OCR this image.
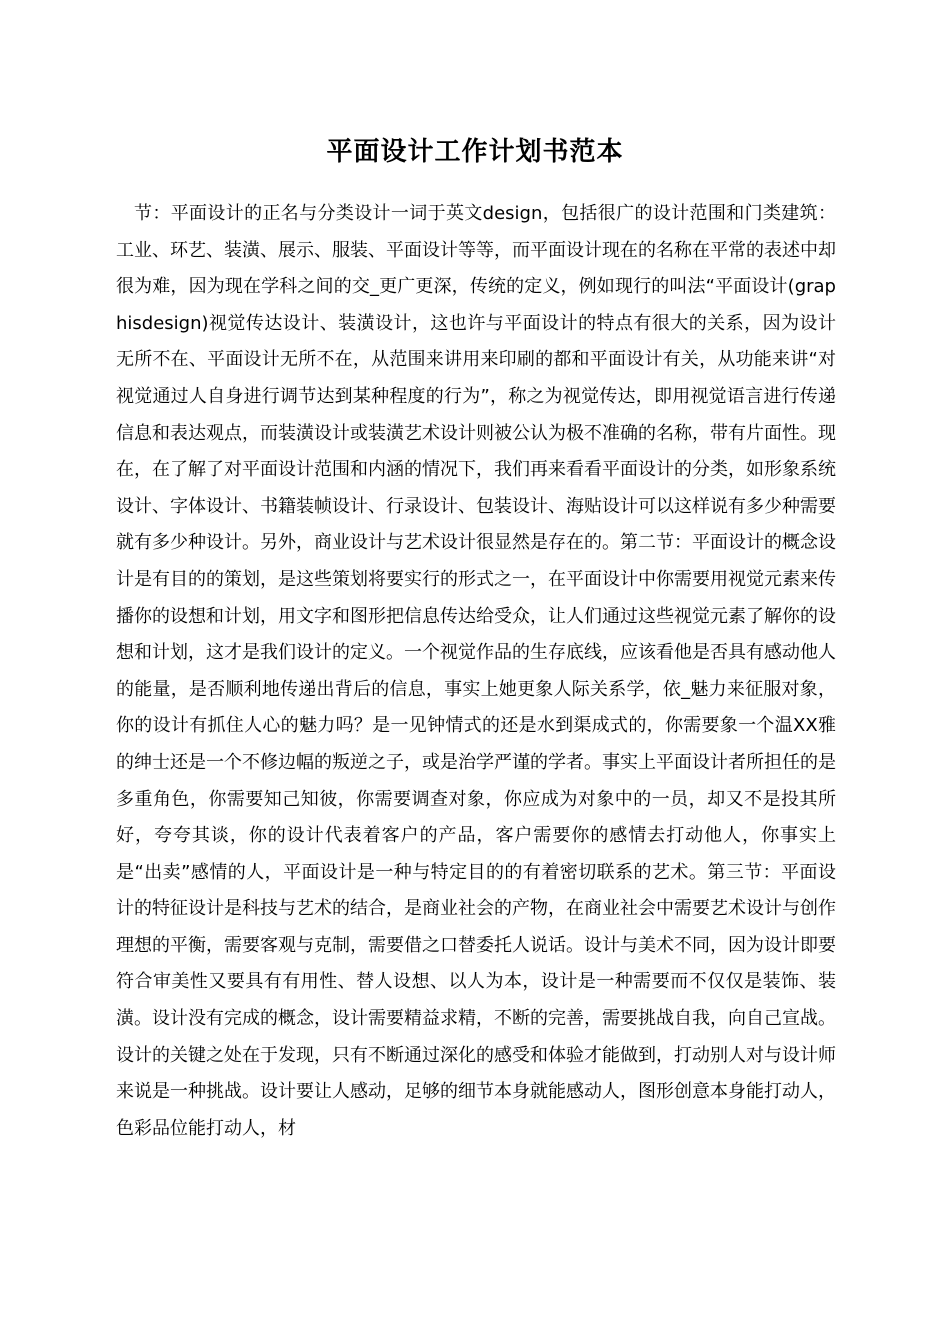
平面设计工作计划书范本

节：平面设计的正名与分类设计一词于英文design，包括很广的设计范围和门类建筑：工业、环艺、装潢、展示、服装、平面设计等等，而平面设计现在的名称在平常的表述中却很为难，因为现在学科之间的交_更广更深，传统的定义，例如现行的叫法“平面设计(graphisdesign)视觉传达设计、装潢设计，这也许与平面设计的特点有很大的关系，因为设计无所不在、平面设计无所不在，从范围来讲用来印刷的都和平面设计有关，从功能来讲“对视觉通过人自身进行调节达到某种程度的行为”，称之为视觉传达，即用视觉语言进行传递信息和表达观点，而装潢设计或装潢艺术设计则被公认为极不准确的名称，带有片面性。现在，在了解了对平面设计范围和内涵的情况下，我们再来看看平面设计的分类，如形象系统设计、字体设计、书籍装帧设计、行录设计、包装设计、海贴设计可以这样说有多少种需要就有多少种设计。另外，商业设计与艺术设计很显然是存在的。第二节：平面设计的概念设计是有目的的策划，是这些策划将要实行的形式之一，在平面设计中你需要用视觉元素来传播你的设想和计划，用文字和图形把信息传达给受众，让人们通过这些视觉元素了解你的设想和计划，这才是我们设计的定义。一个视觉作品的生存底线，应该看他是否具有感动他人的能量，是否顺利地传递出背后的信息，事实上她更象人际关系学，依_魅力来征服对象，你的设计有抓住人心的魅力吗？是一见钟情式的还是水到渠成式的，你需要象一个温XX雅的绅士还是一个不修边幅的叛逆之子，或是治学严谨的学者。事实上平面设计者所担任的是多重角色，你需要知己知彼，你需要调查对象，你应成为对象中的一员，却又不是投其所好，夸夸其谈，你的设计代表着客户的产品，客户需要你的感情去打动他人，你事实上是“出卖”感情的人，平面设计是一种与特定目的的有着密切联系的艺术。第三节：平面设计的特征设计是科技与艺术的结合，是商业社会的产物，在商业社会中需要艺术设计与创作理想的平衡，需要客观与克制，需要借之口替委托人说话。设计与美术不同，因为设计即要符合审美性又要具有有用性、替人设想、以人为本，设计是一种需要而不仅仅是装饰、装潢。设计没有完成的概念，设计需要精益求精，不断的完善，需要挑战自我，向自己宣战。设计的关键之处在于发现，只有不断通过深化的感受和体验才能做到，打动别人对与设计师来说是一种挑战。设计要让人感动，足够的细节本身就能感动人，图形创意本身能打动人，色彩品位能打动人，材
